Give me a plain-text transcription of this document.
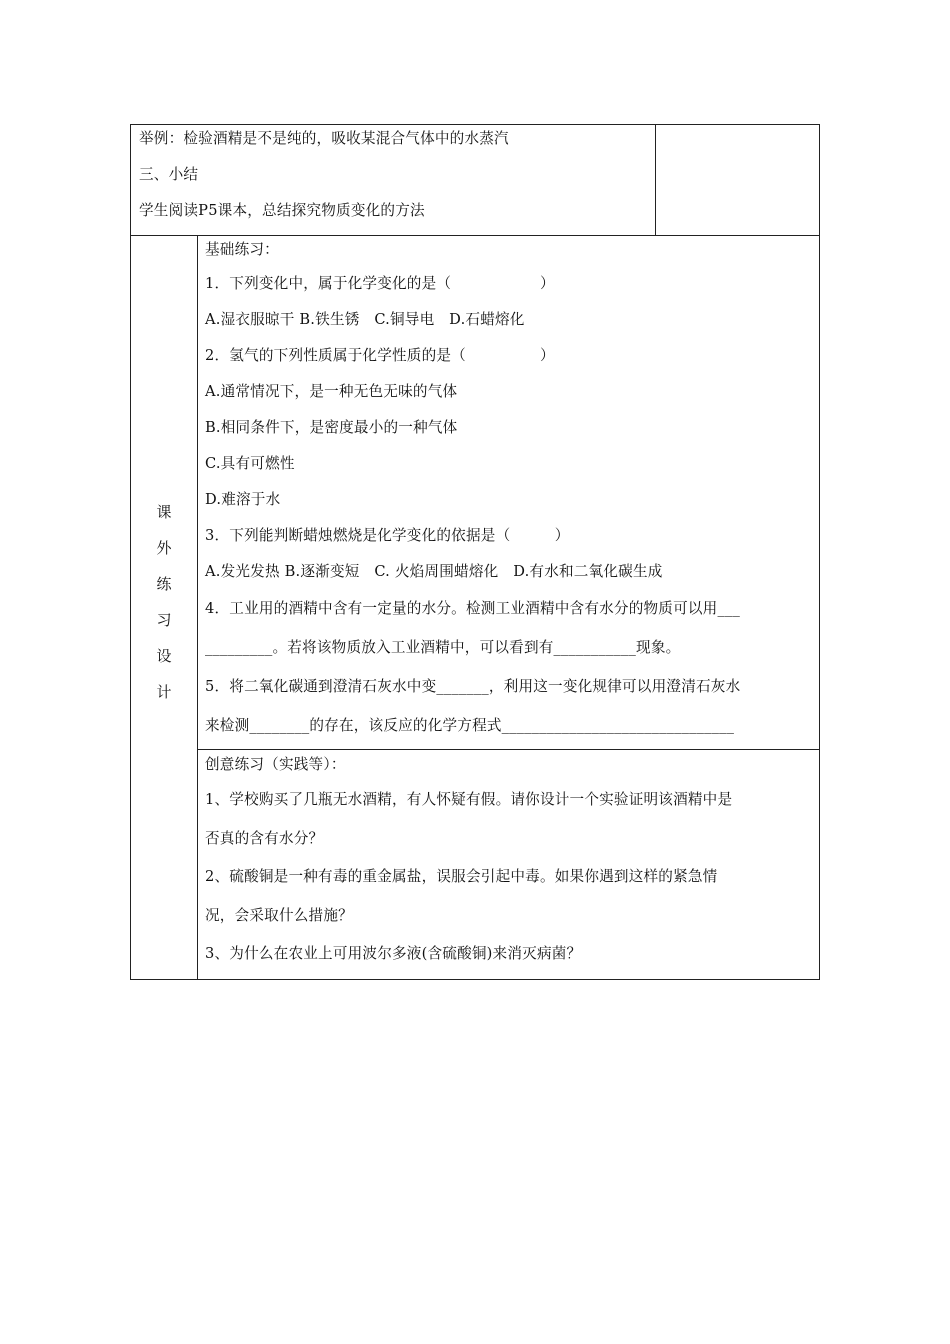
举例：检验酒精是不是纯的，吸收某混合气体中的水蒸汽
三、小结
学生阅读P5课本，总结探究物质变化的方法
课
外
练
习
设
计
基础练习：
1．下列变化中，属于化学变化的是（　　　　　　）
A.湿衣服晾干 B.铁生锈　C.铜导电　D.石蜡熔化
2．氢气的下列性质属于化学性质的是（　　　　　）
A.通常情况下，是一种无色无味的气体
B.相同条件下，是密度最小的一种气体
C.具有可燃性
D.难溶于水
3．下列能判断蜡烛燃烧是化学变化的依据是（　　　）
A.发光发热 B.逐渐变短　C. 火焰周围蜡熔化　D.有水和二氧化碳生成
4．工业用的酒精中含有一定量的水分。检测工业酒精中含有水分的物质可以用___
_________。若将该物质放入工业酒精中，可以看到有___________现象。
5．将二氧化碳通到澄清石灰水中变_______，利用这一变化规律可以用澄清石灰水
来检测________的存在，该反应的化学方程式_______________________________
创意练习（实践等）：
1、学校购买了几瓶无水酒精，有人怀疑有假。请你设计一个实验证明该酒精中是
否真的含有水分？
2、硫酸铜是一种有毒的重金属盐，误服会引起中毒。如果你遇到这样的紧急情
况，会采取什么措施？
3、为什么在农业上可用波尔多液(含硫酸铜)来消灭病菌？
